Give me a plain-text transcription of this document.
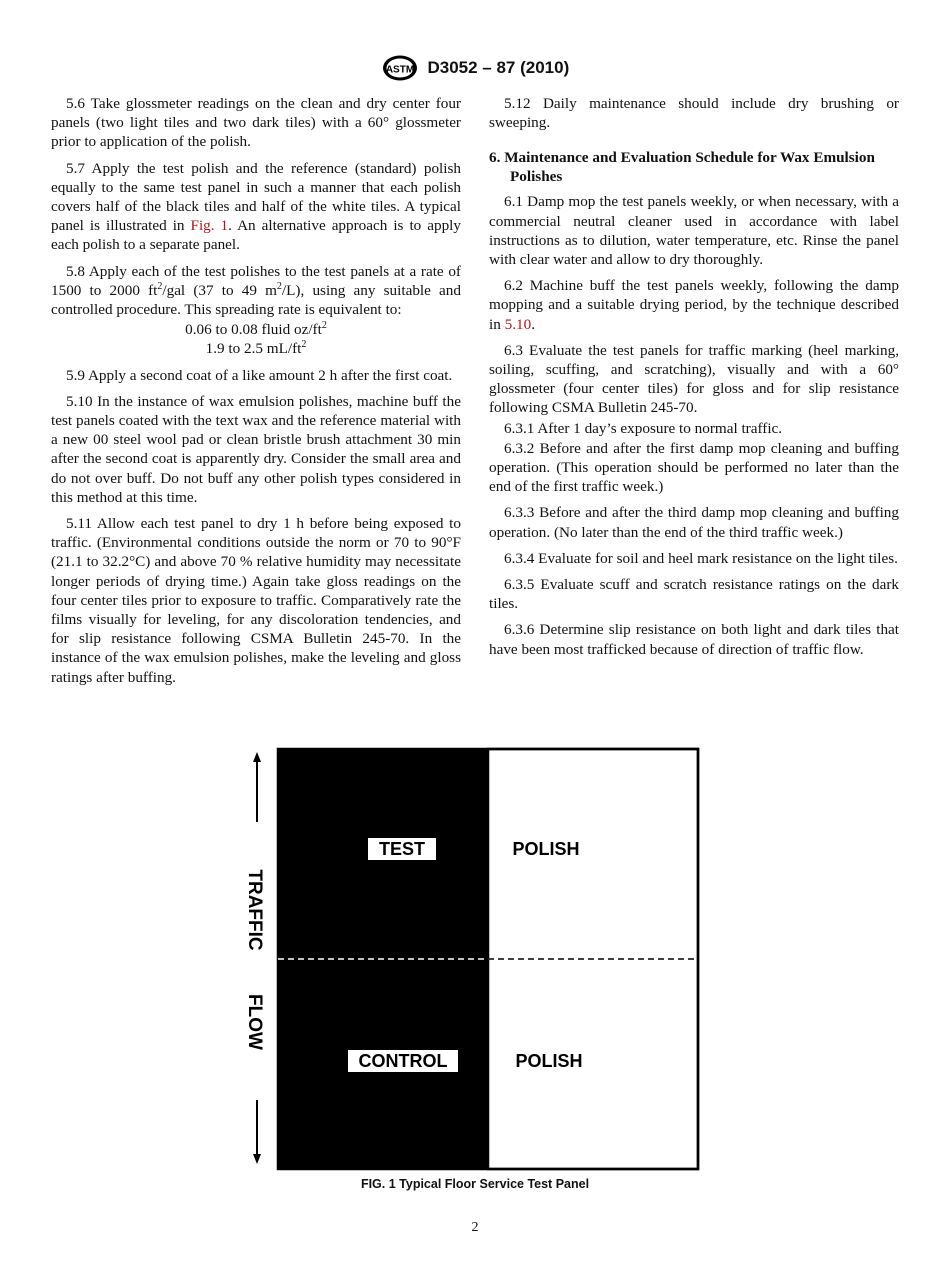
ASTM D3052 – 87 (2010)

5.6 Take glossmeter readings on the clean and dry center four panels (two light tiles and two dark tiles) with a 60° glossmeter prior to application of the polish.

5.7 Apply the test polish and the reference (standard) polish equally to the same test panel in such a manner that each polish covers half of the black tiles and half of the white tiles. A typical panel is illustrated in Fig. 1. An alternative approach is to apply each polish to a separate panel.

5.8 Apply each of the test polishes to the test panels at a rate of 1500 to 2000 $ft^2$/gal (37 to 49 $m^2/L$), using any suitable and controlled procedure. This spreading rate is equivalent to:

0.06 to 0.08 fluid $oz/ft^2$
1.9 to 2.5 $mL/ft^2$

5.9 Apply a second coat of a like amount 2 h after the first coat.

5.10 In the instance of wax emulsion polishes, machine buff the test panels coated with the text wax and the reference material with a new 00 steel wool pad or clean bristle brush attachment 30 min after the second coat is apparently dry. Consider the small area and do not over buff. Do not buff any other polish types considered in this method at this time.

5.11 Allow each test panel to dry 1 h before being exposed to traffic. (Environmental conditions outside the norm or 70 to 90°F (21.1 to 32.2°C) and above 70 % relative humidity may necessitate longer periods of drying time.) Again take gloss readings on the four center tiles prior to exposure to traffic. Comparatively rate the films visually for leveling, for any discoloration tendencies, and for slip resistance following CSMA Bulletin 245-70. In the instance of the wax emulsion polishes, make the leveling and gloss ratings after buffing.

5.12 Daily maintenance should include dry brushing or sweeping.

6. Maintenance and Evaluation Schedule for Wax Emulsion Polishes

6.1 Damp mop the test panels weekly, or when necessary, with a commercial neutral cleaner used in accordance with label instructions as to dilution, water temperature, etc. Rinse the panel with clear water and allow to dry thoroughly.

6.2 Machine buff the test panels weekly, following the damp mopping and a suitable drying period, by the technique described in 5.10.

6.3 Evaluate the test panels for traffic marking (heel marking, soiling, scuffing, and scratching), visually and with a 60° glossmeter (four center tiles) for gloss and for slip resistance following CSMA Bulletin 245-70.

6.3.1 After 1 day’s exposure to normal traffic.

6.3.2 Before and after the first damp mop cleaning and buffing operation. (This operation should be performed no later than the end of the first traffic week.)

6.3.3 Before and after the third damp mop cleaning and buffing operation. (No later than the end of the third traffic week.)

6.3.4 Evaluate for soil and heel mark resistance on the light tiles.

6.3.5 Evaluate scuff and scratch resistance ratings on the dark tiles.

6.3.6 Determine slip resistance on both light and dark tiles that have been most trafficked because of direction of traffic flow.

TEST	POLISH
CONTROL	POLISH
TRAFFIC
FLOW
FIG. 1 Typical Floor Service Test Panel
2
